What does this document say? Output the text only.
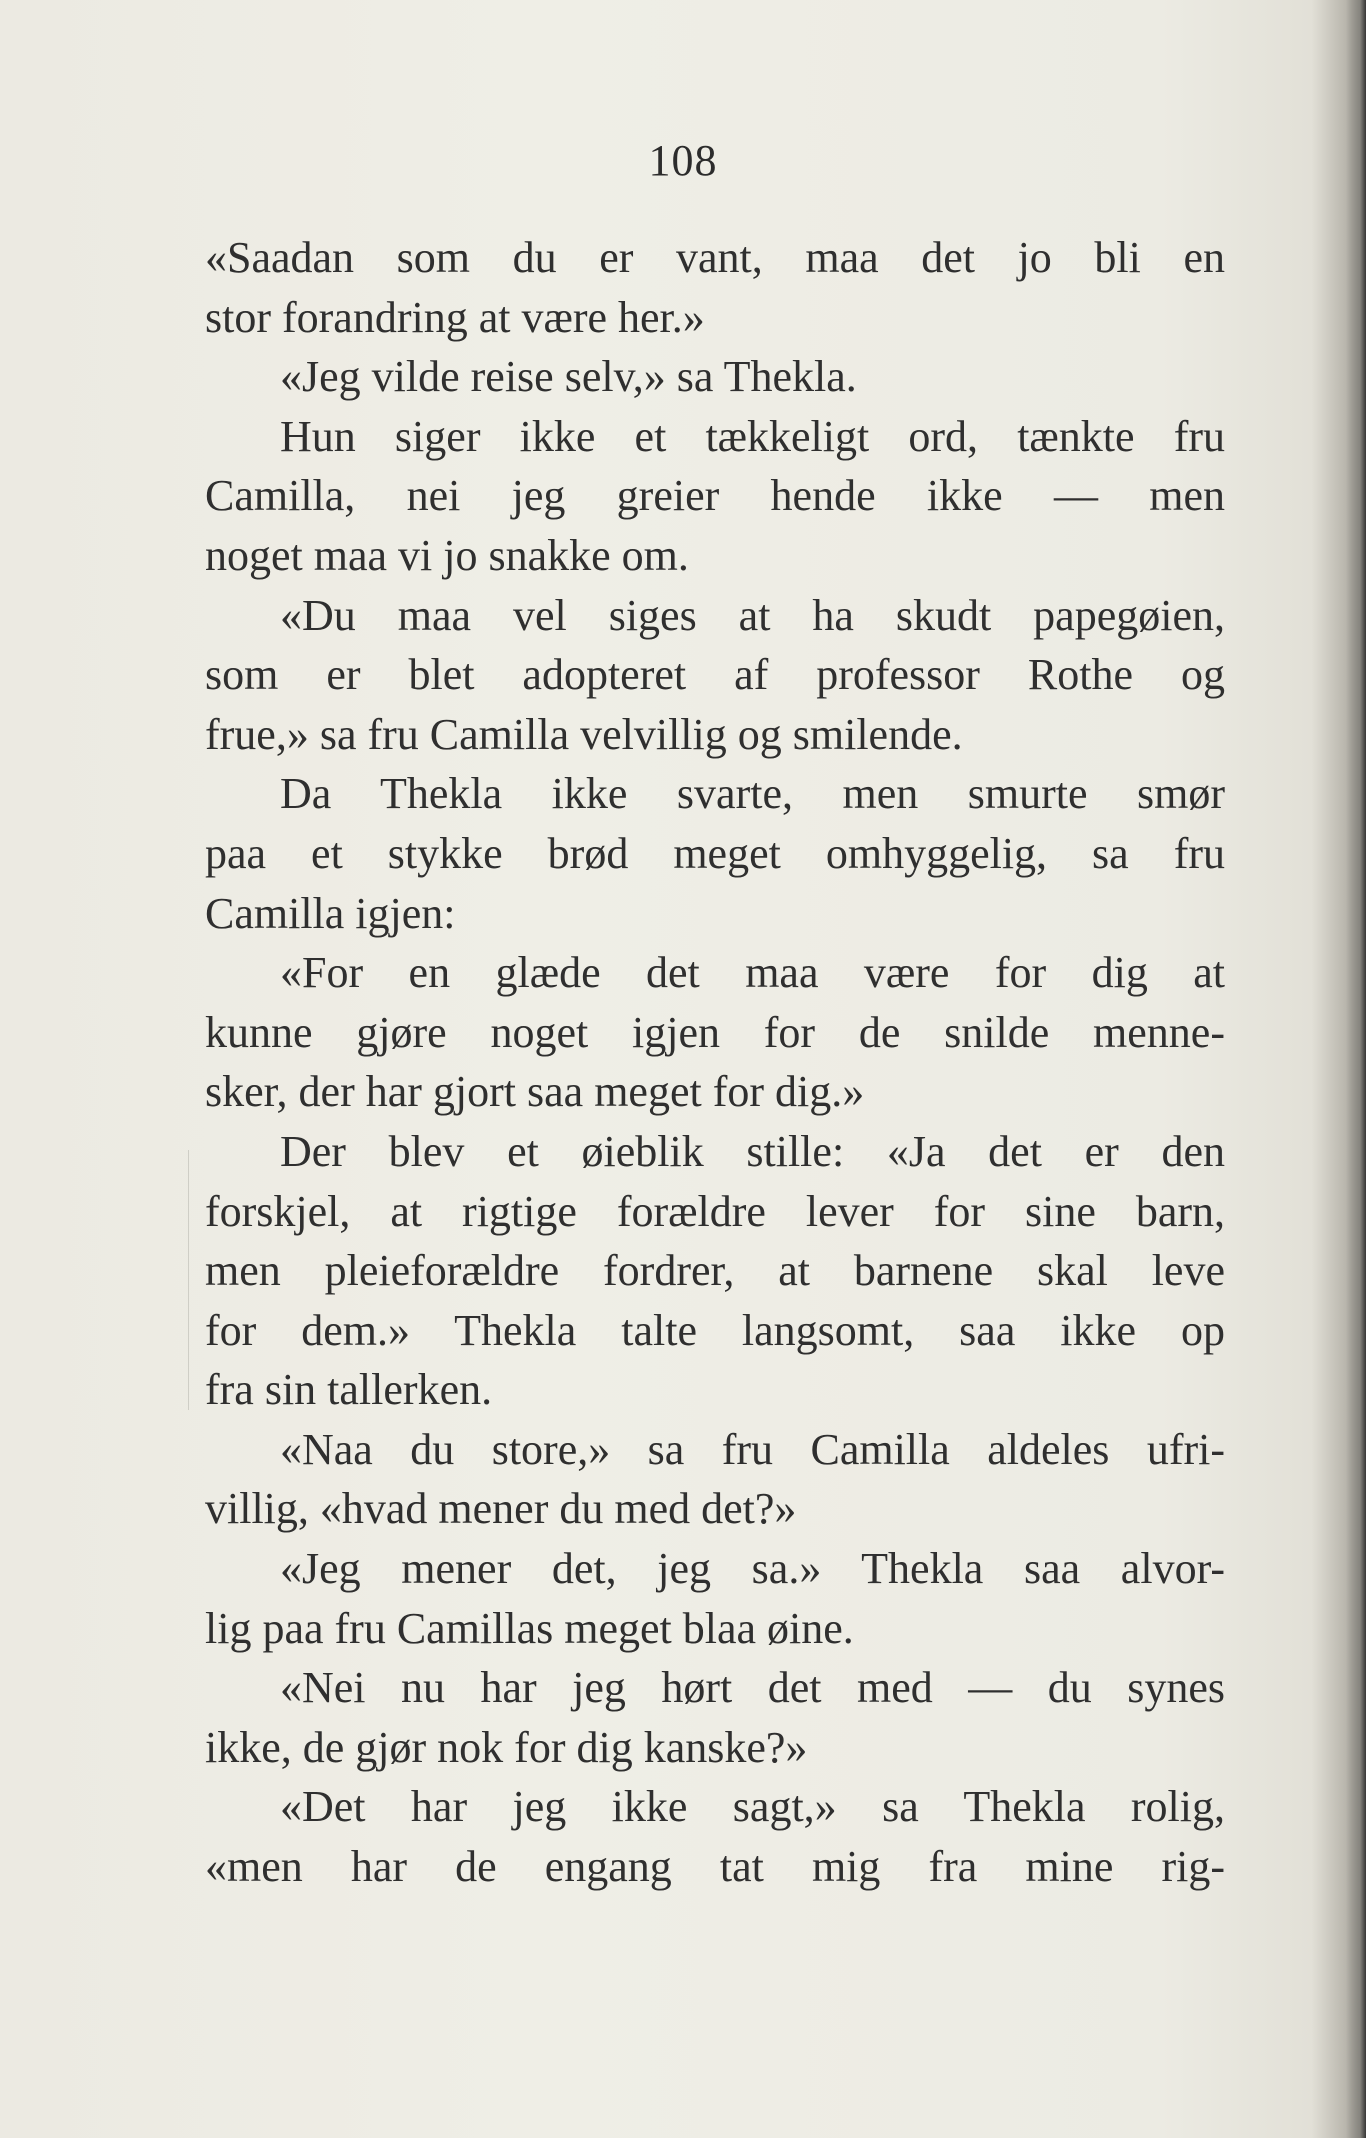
108
«Saadan som du er vant, maa det jo bli en
stor forandring at være her.»
«Jeg vilde reise selv,» sa Thekla.
Hun siger ikke et tækkeligt ord, tænkte fru
Camilla, nei jeg greier hende ikke — men
noget maa vi jo snakke om.
«Du maa vel siges at ha skudt papegøien,
som er blet adopteret af professor Rothe og
frue,» sa fru Camilla velvillig og smilende.
Da Thekla ikke svarte, men smurte smør
paa et stykke brød meget omhyggelig, sa fru
Camilla igjen:
«For en glæde det maa være for dig at
kunne gjøre noget igjen for de snilde menne-
sker, der har gjort saa meget for dig.»
Der blev et øieblik stille: «Ja det er den
forskjel, at rigtige forældre lever for sine barn,
men pleieforældre fordrer, at barnene skal leve
for dem.» Thekla talte langsomt, saa ikke op
fra sin tallerken.
«Naa du store,» sa fru Camilla aldeles ufri-
villig, «hvad mener du med det?»
«Jeg mener det, jeg sa.» Thekla saa alvor-
lig paa fru Camillas meget blaa øine.
«Nei nu har jeg hørt det med — du synes
ikke, de gjør nok for dig kanske?»
«Det har jeg ikke sagt,» sa Thekla rolig,
«men har de engang tat mig fra mine rig-
